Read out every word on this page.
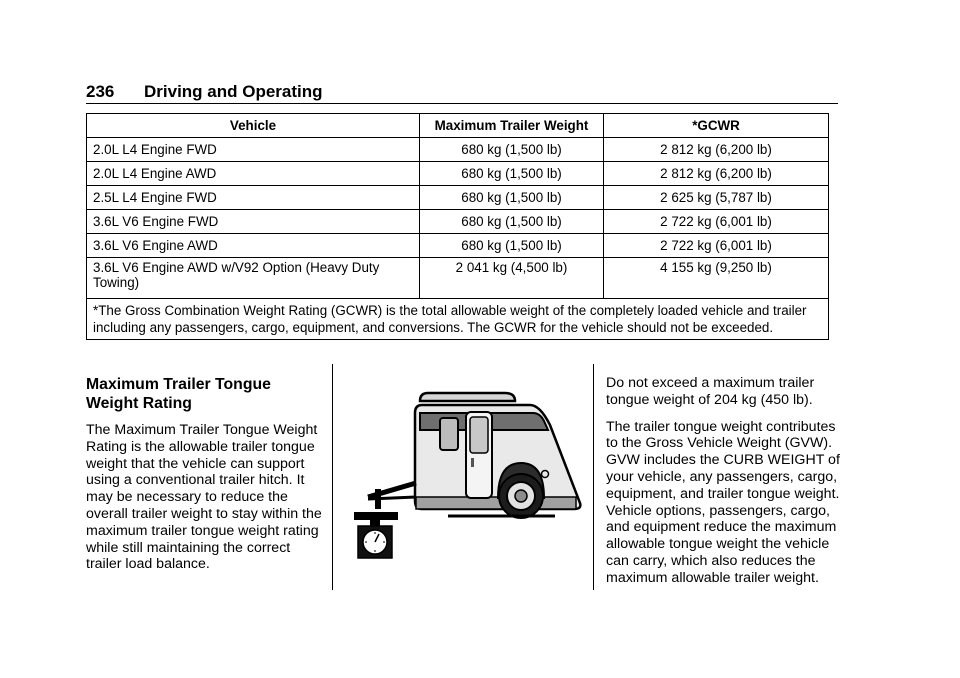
236 Driving and Operating
Vehicle	Maximum Trailer Weight	*GCWR
2.0L L4 Engine FWD	680 kg (1,500 lb)	2 812 kg (6,200 lb)
2.0L L4 Engine AWD	680 kg (1,500 lb)	2 812 kg (6,200 lb)
2.5L L4 Engine FWD	680 kg (1,500 lb)	2 625 kg (5,787 lb)
3.6L V6 Engine FWD	680 kg (1,500 lb)	2 722 kg (6,001 lb)
3.6L V6 Engine AWD	680 kg (1,500 lb)	2 722 kg (6,001 lb)
3.6L V6 Engine AWD w/V92 Option (Heavy Duty Towing)	2 041 kg (4,500 lb)	4 155 kg (9,250 lb)
*The Gross Combination Weight Rating (GCWR) is the total allowable weight of the completely loaded vehicle and trailer including any passengers, cargo, equipment, and conversions. The GCWR for the vehicle should not be exceeded.		
Maximum Trailer Tongue Weight Rating

The Maximum Trailer Tongue Weight Rating is the allowable trailer tongue weight that the vehicle can support using a conventional trailer hitch. It may be necessary to reduce the overall trailer weight to stay within the maximum trailer tongue weight rating while still maintaining the correct trailer load balance.

Do not exceed a maximum trailer tongue weight of 204 kg (450 lb).

The trailer tongue weight contributes to the Gross Vehicle Weight (GVW). GVW includes the CURB WEIGHT of your vehicle, any passengers, cargo, equipment, and trailer tongue weight. Vehicle options, passengers, cargo, and equipment reduce the maximum allowable tongue weight the vehicle can carry, which also reduces the maximum allowable trailer weight.
